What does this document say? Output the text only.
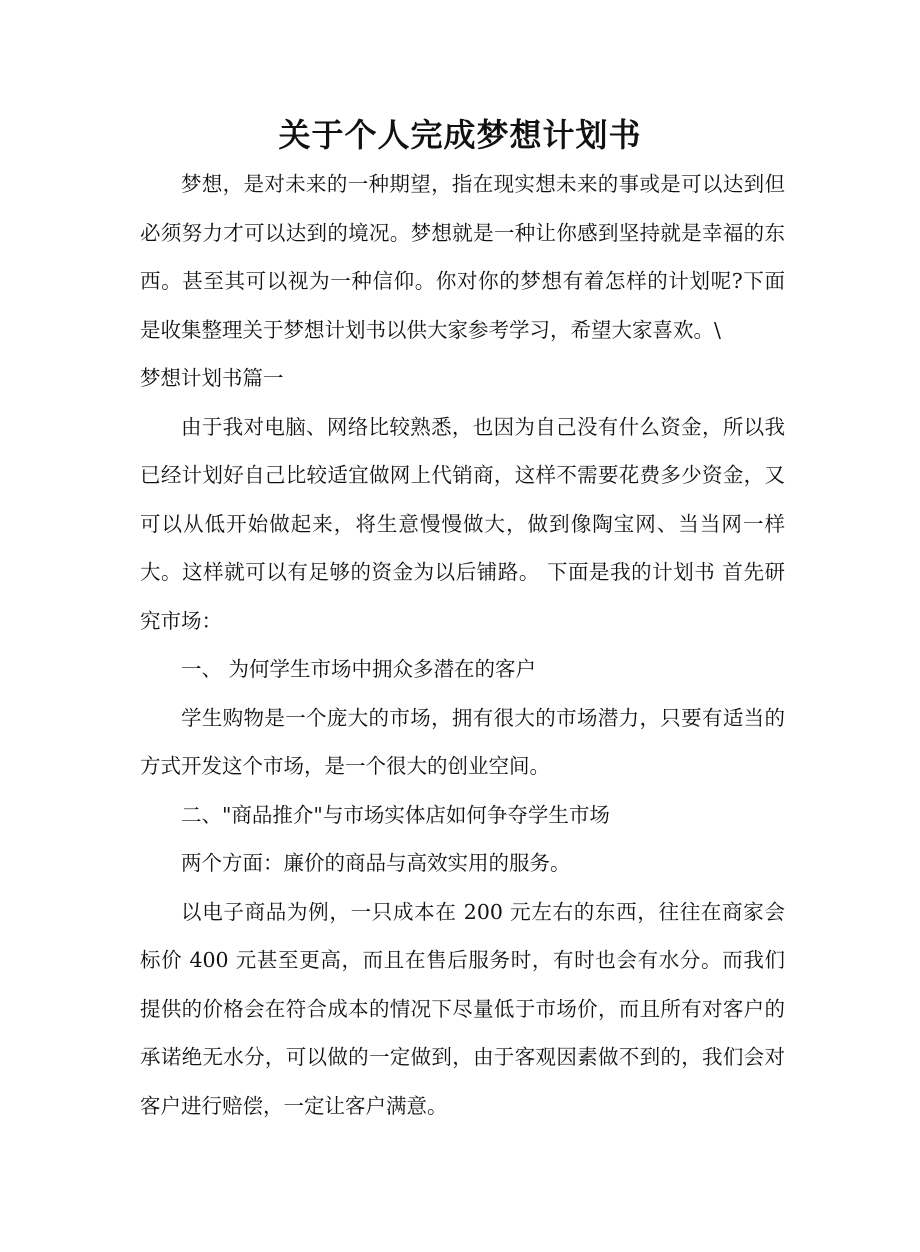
关于个人完成梦想计划书

梦想，是对未来的一种期望，指在现实想未来的事或是可以达到但必须努力才可以达到的境况。梦想就是一种让你感到坚持就是幸福的东西。甚至其可以视为一种信仰。你对你的梦想有着怎样的计划呢?下面是收集整理关于梦想计划书以供大家参考学习，希望大家喜欢。\

梦想计划书篇一

由于我对电脑、网络比较熟悉，也因为自己没有什么资金，所以我已经计划好自己比较适宜做网上代销商，这样不需要花费多少资金，又可以从低开始做起来，将生意慢慢做大，做到像陶宝网、当当网一样大。这样就可以有足够的资金为以后铺路。 下面是我的计划书 首先研究市场：

一、 为何学生市场中拥众多潜在的客户

学生购物是一个庞大的市场，拥有很大的市场潜力，只要有适当的方式开发这个市场，是一个很大的创业空间。

二、"商品推介"与市场实体店如何争夺学生市场

两个方面：廉价的商品与高效实用的服务。

以电子商品为例，一只成本在 200 元左右的东西，往往在商家会标价 400 元甚至更高，而且在售后服务时，有时也会有水分。而我们提供的价格会在符合成本的情况下尽量低于市场价，而且所有对客户的承诺绝无水分，可以做的一定做到，由于客观因素做不到的，我们会对客户进行赔偿，一定让客户满意。
